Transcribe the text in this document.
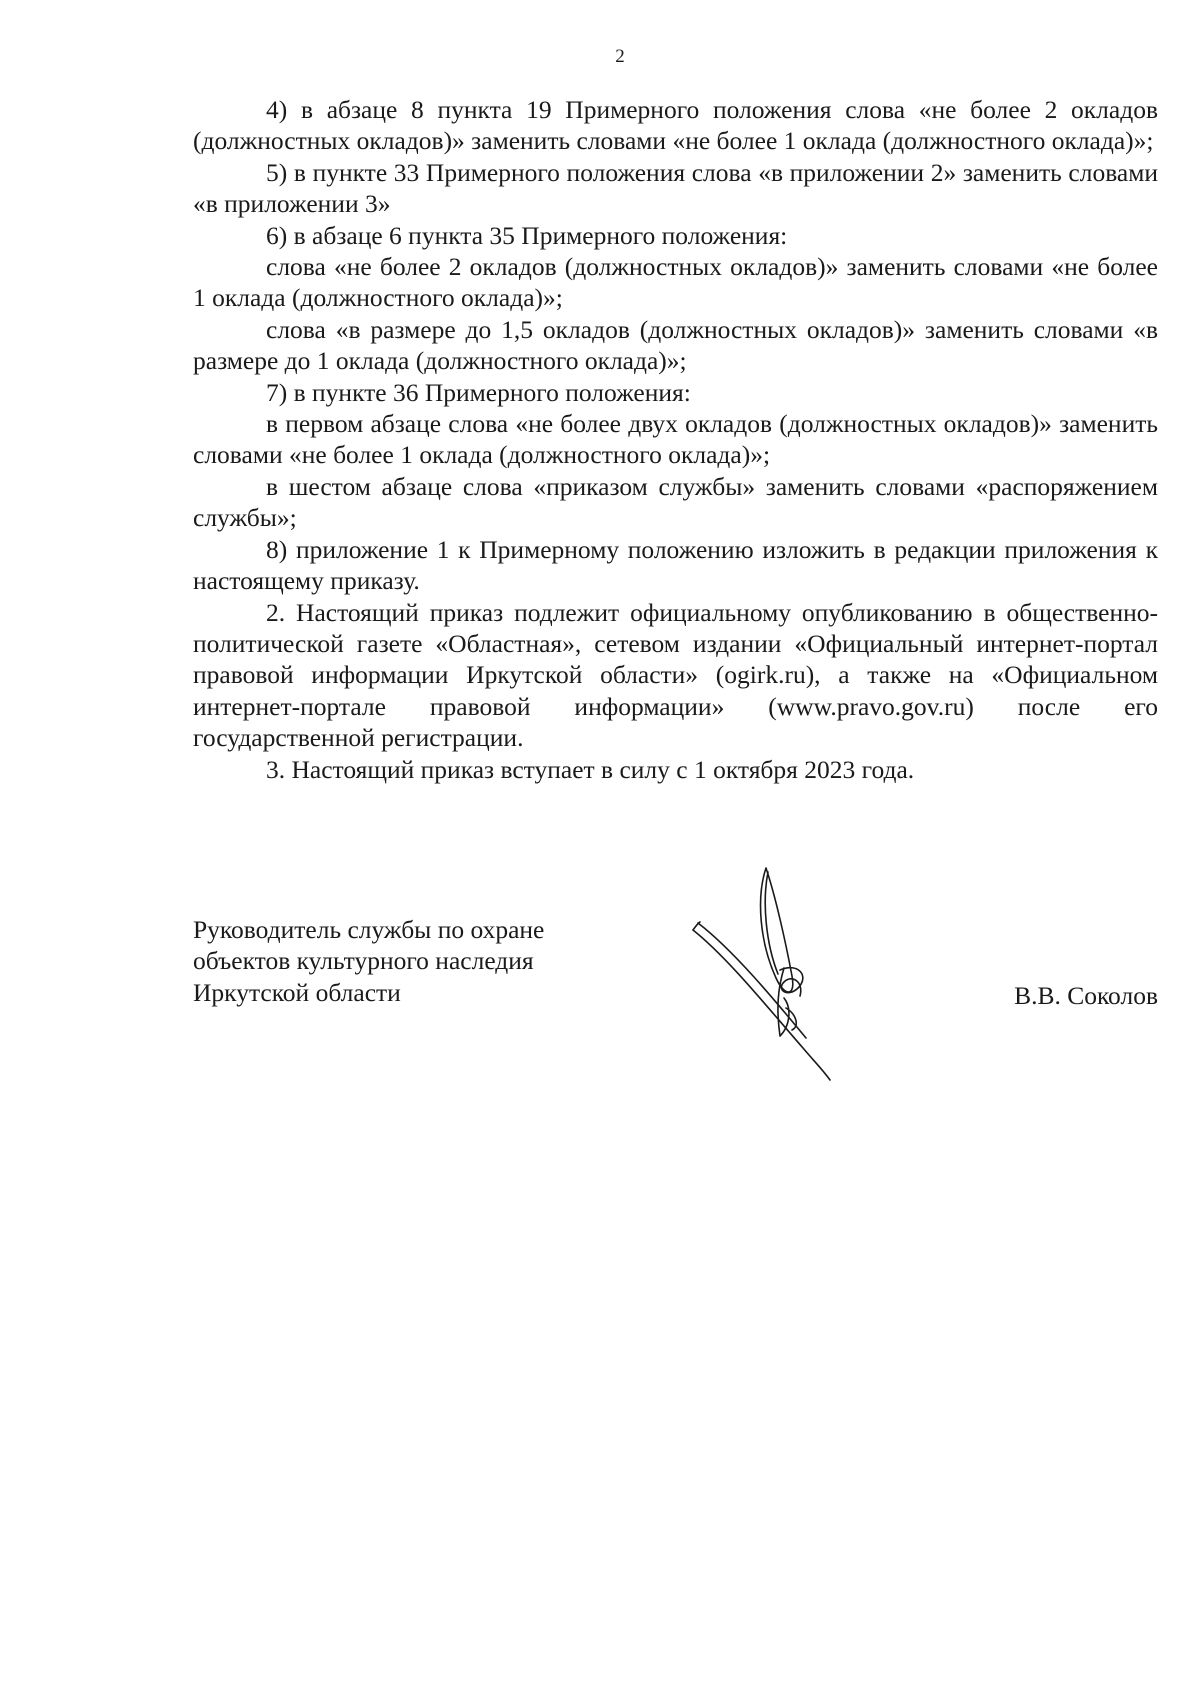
2

4) в абзаце 8 пункта 19 Примерного положения слова «не более 2 окладов (должностных окладов)» заменить словами «не более 1 оклада (должностного оклада)»;

5) в пункте 33 Примерного положения слова «в приложении 2» заменить словами «в приложении 3»

6) в абзаце 6 пункта 35 Примерного положения:

слова «не более 2 окладов (должностных окладов)» заменить словами «не более 1 оклада (должностного оклада)»;

слова «в размере до 1,5 окладов (должностных окладов)» заменить словами «в размере до 1 оклада (должностного оклада)»;

7) в пункте 36 Примерного положения:

в первом абзаце слова «не более двух окладов (должностных окладов)» заменить словами «не более 1 оклада (должностного оклада)»;

в шестом абзаце слова «приказом службы» заменить словами «распоряжением службы»;

8) приложение 1 к Примерному положению изложить в редакции приложения к настоящему приказу.

2. Настоящий приказ подлежит официальному опубликованию в общественно-политической газете «Областная», сетевом издании «Официальный интернет-портал правовой информации Иркутской области» (ogirk.ru), а также на «Официальном интернет-портале правовой информации» (www.pravo.gov.ru) после его государственной регистрации.

3. Настоящий приказ вступает в силу с 1 октября 2023 года.

Руководитель службы по охране
объектов культурного наследия
Иркутской области	В.В. Соколов
